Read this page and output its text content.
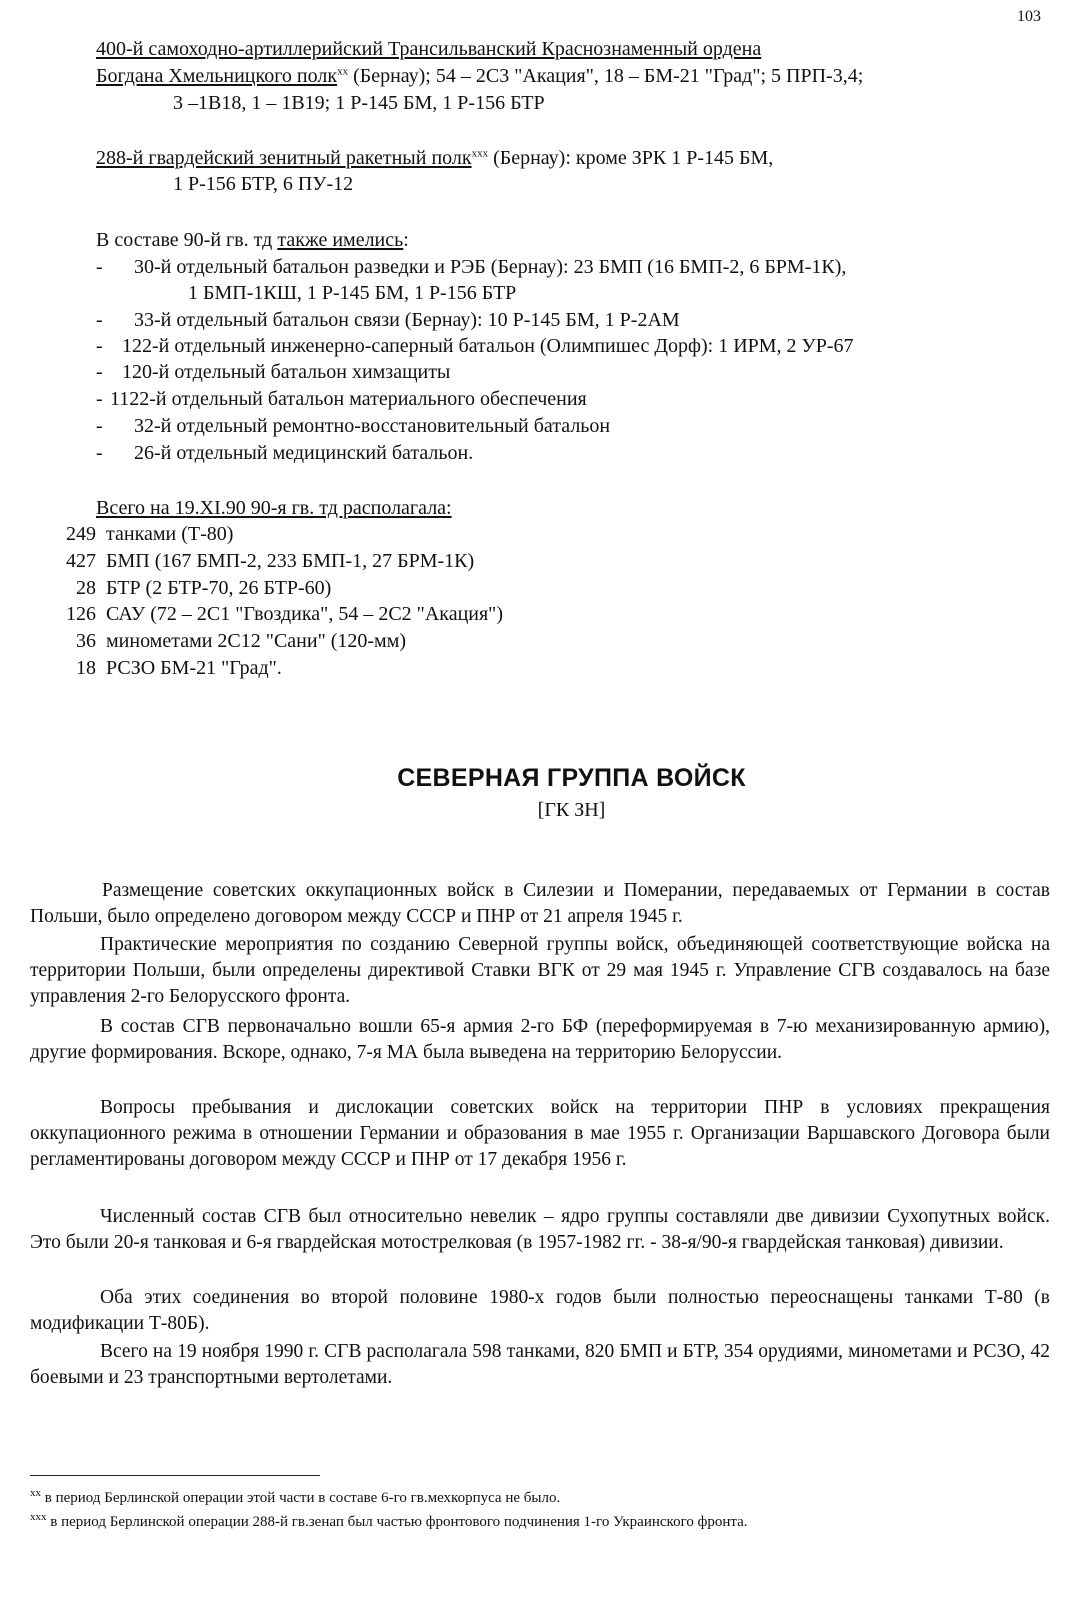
103
400-й самоходно-артиллерийский Трансильванский Краснознаменный ордена
Богдана Хмельницкого полк$^{xx}$ (Бернау); 54 – 2С3 "Акация", 18 – БМ-21 "Град"; 5 ПРП-3,4;
3 –1В18, 1 – 1В19; 1 Р-145 БМ, 1 Р-156 БТР
288-й гвардейский зенитный ракетный полк$^{xxx}$ (Бернау): кроме ЗРК 1 Р-145 БМ,
1 Р-156 БТР, 6 ПУ-12
В составе 90-й гв. тд также имелись:
- 30-й отдельный батальон разведки и РЭБ (Бернау): 23 БМП (16 БМП-2, 6 БРМ-1К),
1 БМП-1КШ, 1 Р-145 БМ, 1 Р-156 БТР
- 33-й отдельный батальон связи (Бернау): 10 Р-145 БМ, 1 Р-2АМ
- 122-й отдельный инженерно-саперный батальон (Олимпишес Дорф): 1 ИРМ, 2 УР-67
- 120-й отдельный батальон химзащиты
- 1122-й отдельный батальон материального обеспечения
- 32-й отдельный ремонтно-восстановительный батальон
- 26-й отдельный медицинский батальон.
Всего на 19.XI.90 90-я гв. тд располагала:
249 танками (Т-80)
427 БМП (167 БМП-2, 233 БМП-1, 27 БРМ-1К)
28 БТР (2 БТР-70, 26 БТР-60)
126 САУ (72 – 2С1 "Гвоздика", 54 – 2С2 "Акация")
36 минометами 2С12 "Сани" (120-мм)
18 РСЗО БМ-21 "Град".
СЕВЕРНАЯ ГРУППА ВОЙСК
[ГК ЗН]
Размещение советских оккупационных войск в Силезии и Померании, передаваемых от Германии в состав Польши, было определено договором между СССР и ПНР от 21 апреля 1945 г.
Практические мероприятия по созданию Северной группы войск, объединяющей соответствующие войска на территории Польши, были определены директивой Ставки ВГК от 29 мая 1945 г. Управление СГВ создавалось на базе управления 2-го Белорусского фронта.
В состав СГВ первоначально вошли 65-я армия 2-го БФ (переформируемая в 7-ю механизированную армию), другие формирования. Вскоре, однако, 7-я МА была выведена на территорию Белоруссии.
Вопросы пребывания и дислокации советских войск на территории ПНР в условиях прекращения оккупационного режима в отношении Германии и образования в мае 1955 г. Организации Варшавского Договора были регламентированы договором между СССР и ПНР от 17 декабря 1956 г.
Численный состав СГВ был относительно невелик – ядро группы составляли две дивизии Сухопутных войск. Это были 20-я танковая и 6-я гвардейская мотострелковая (в 1957-1982 гг. - 38-я/90-я гвардейская танковая) дивизии.
Оба этих соединения во второй половине 1980-х годов были полностью переоснащены танками Т-80 (в модификации Т-80Б).
Всего на 19 ноября 1990 г. СГВ располагала 598 танками, 820 БМП и БТР, 354 орудиями, минометами и РСЗО, 42 боевыми и 23 транспортными вертолетами.
$^{xx}$ в период Берлинской операции этой части в составе 6-го гв.мехкорпуса не было.
$^{xxx}$ в период Берлинской операции 288-й гв.зенап был частью фронтового подчинения 1-го Украинского фронта.
